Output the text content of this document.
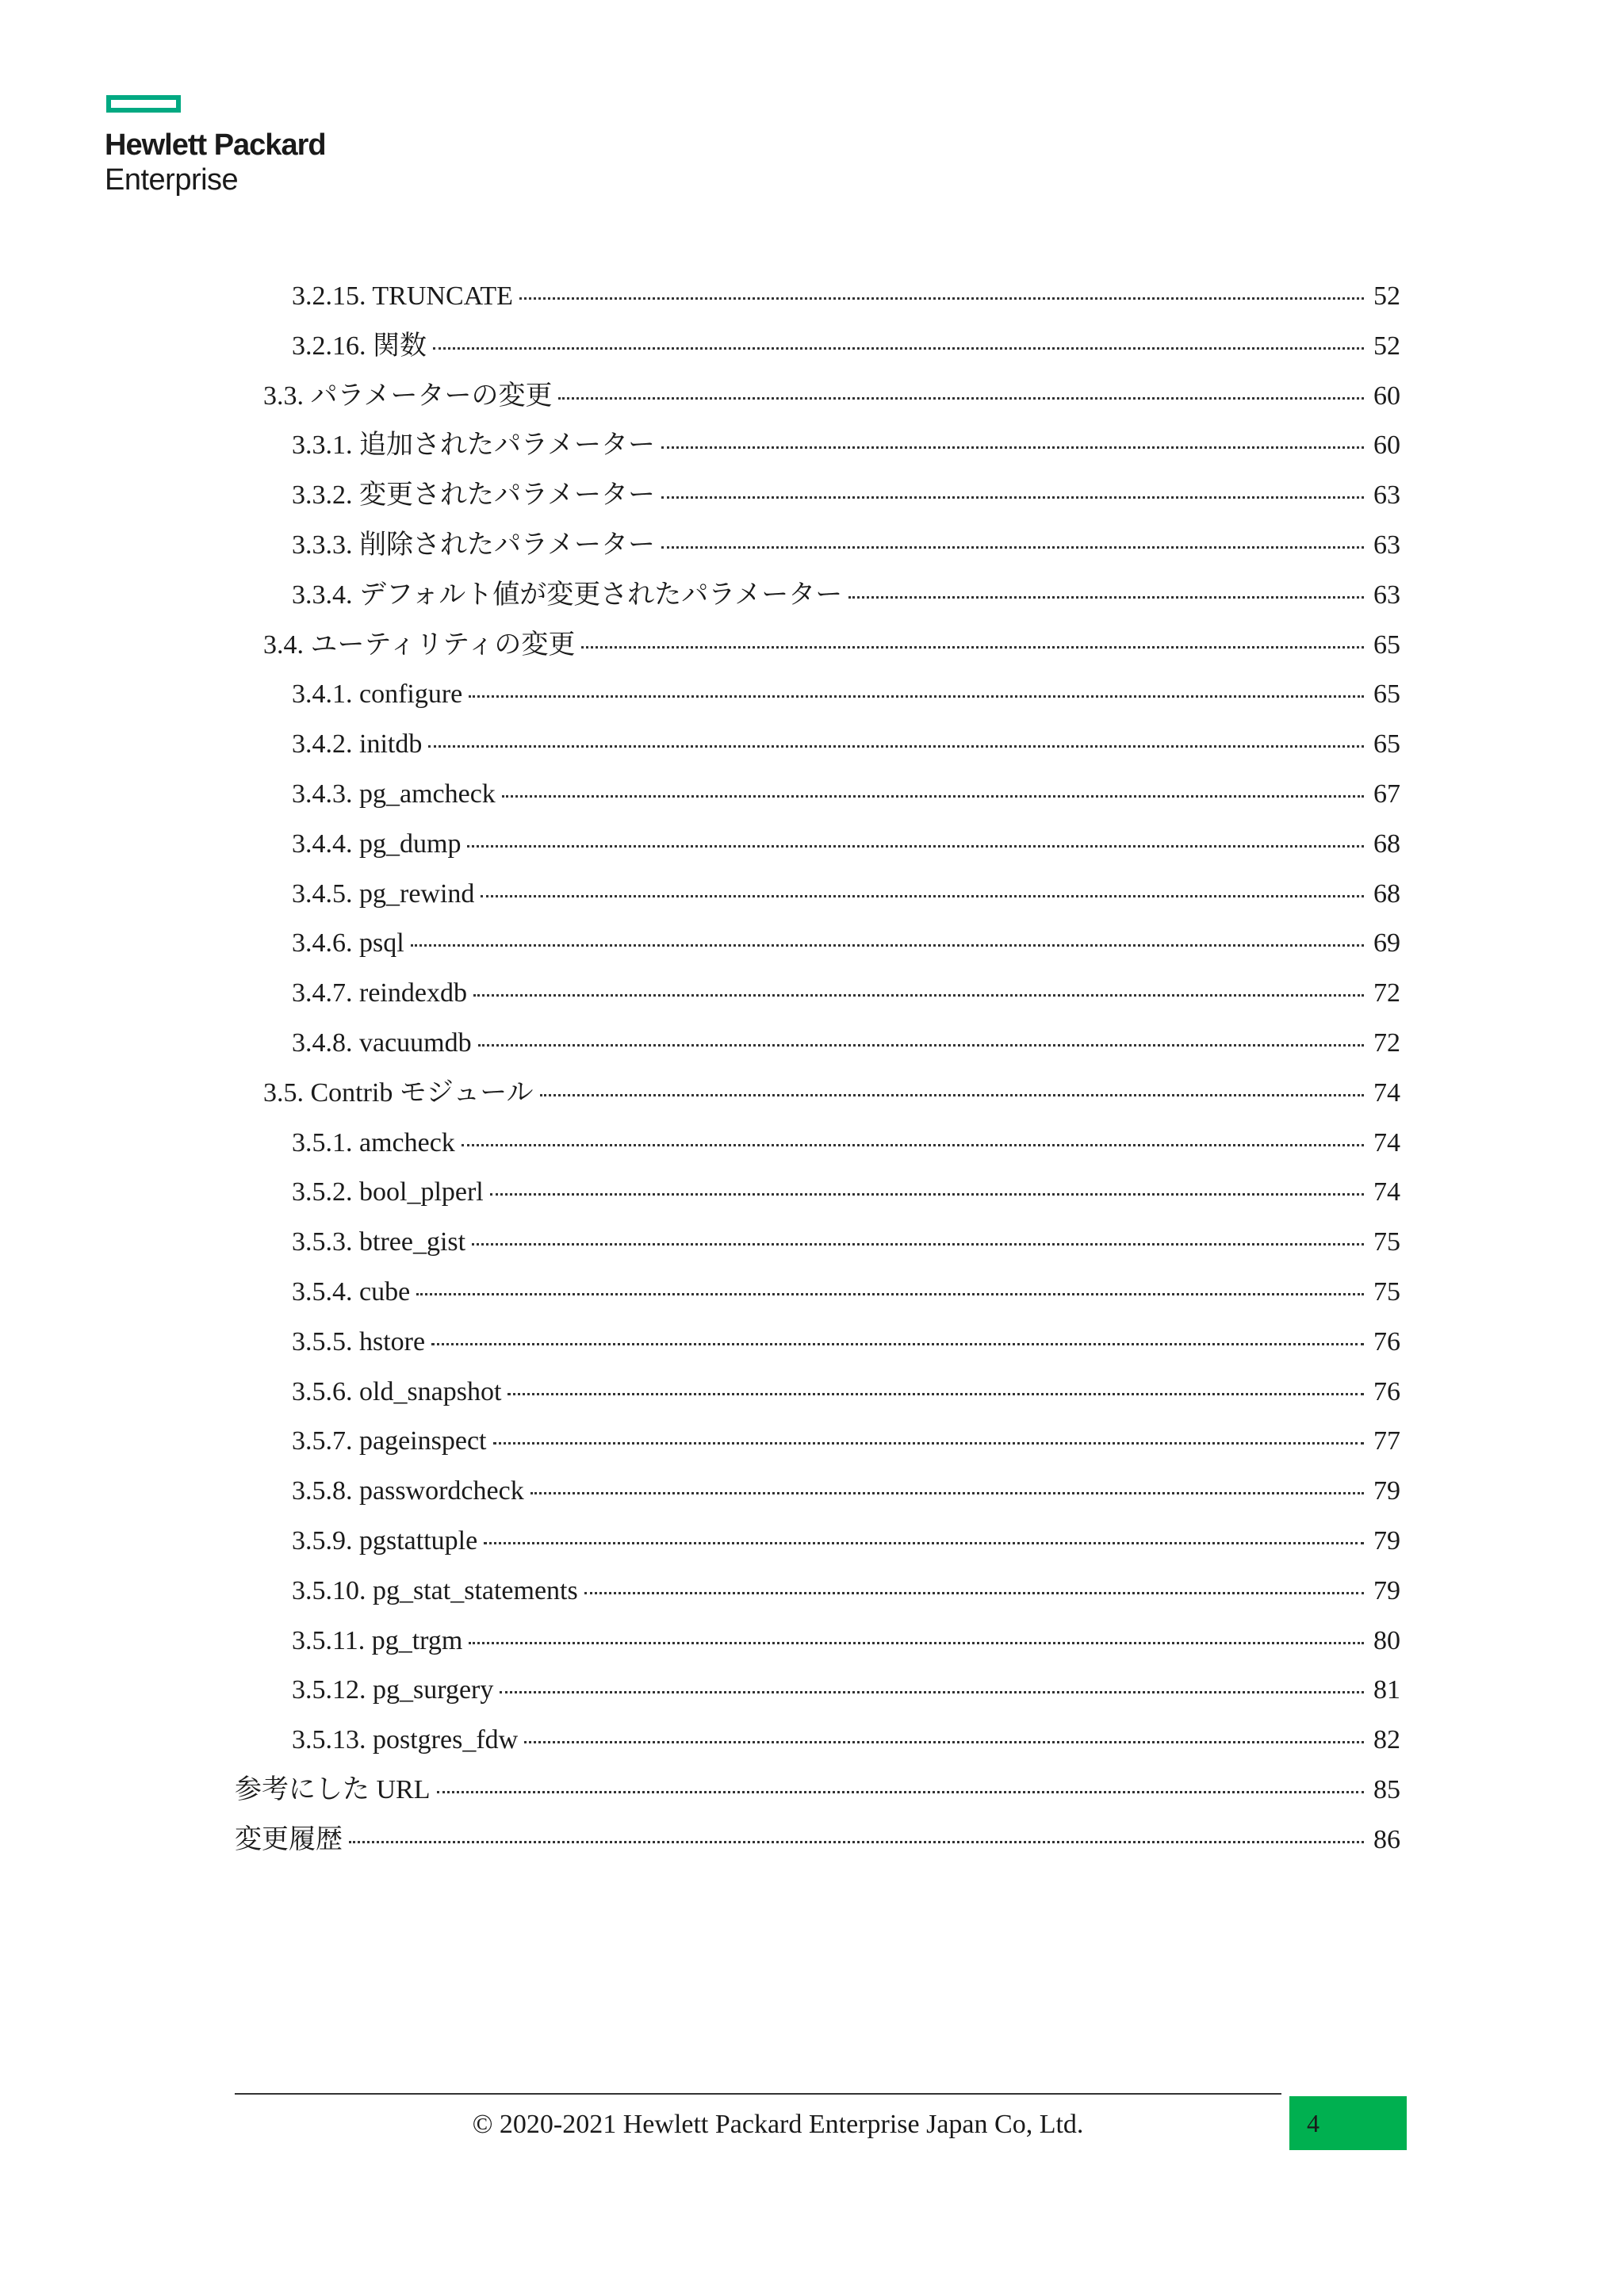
Hewlett Packard
Enterprise
3.2.15. TRUNCATE	52
3.2.16. 関数	52
3.3. パラメーターの変更	60
3.3.1. 追加されたパラメーター	60
3.3.2. 変更されたパラメーター	63
3.3.3. 削除されたパラメーター	63
3.3.4. デフォルト値が変更されたパラメーター	63
3.4. ユーティリティの変更	65
3.4.1. configure	65
3.4.2. initdb	65
3.4.3. pg_amcheck	67
3.4.4. pg_dump	68
3.4.5. pg_rewind	68
3.4.6. psql	69
3.4.7. reindexdb	72
3.4.8. vacuumdb	72
3.5. Contrib モジュール	74
3.5.1. amcheck	74
3.5.2. bool_plperl	74
3.5.3. btree_gist	75
3.5.4. cube	75
3.5.5. hstore	76
3.5.6. old_snapshot	76
3.5.7. pageinspect	77
3.5.8. passwordcheck	79
3.5.9. pgstattuple	79
3.5.10. pg_stat_statements	79
3.5.11. pg_trgm	80
3.5.12. pg_surgery	81
3.5.13. postgres_fdw	82
参考にした URL	85
変更履歴	86
© 2020-2021 Hewlett Packard Enterprise Japan Co, Ltd.	4
